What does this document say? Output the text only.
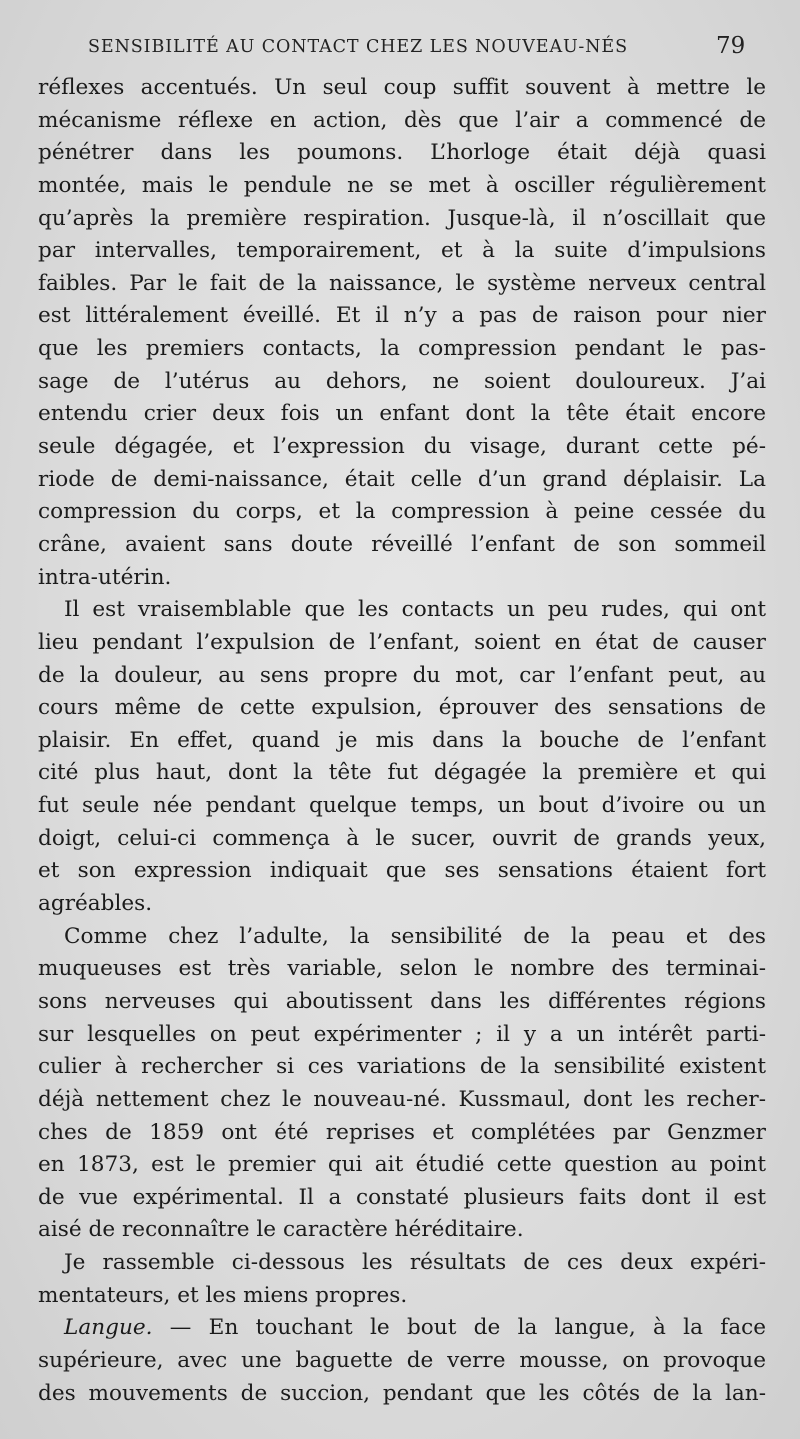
SENSIBILITÉ AU CONTACT CHEZ LES NOUVEAU-NÉS	79
réflexes accentués. Un seul coup suffit souvent à mettre le
mécanisme réflexe en action, dès que l’air a commencé de
pénétrer dans les poumons. L’horloge était déjà quasi
montée, mais le pendule ne se met à osciller régulièrement
qu’après la première respiration. Jusque-là, il n’oscillait que
par intervalles, temporairement, et à la suite d’impulsions
faibles. Par le fait de la naissance, le système nerveux central
est littéralement éveillé. Et il n’y a pas de raison pour nier
que les premiers contacts, la compression pendant le pas-
sage de l’utérus au dehors, ne soient douloureux. J’ai
entendu crier deux fois un enfant dont la tête était encore
seule dégagée, et l’expression du visage, durant cette pé-
riode de demi-naissance, était celle d’un grand déplaisir. La
compression du corps, et la compression à peine cessée du
crâne, avaient sans doute réveillé l’enfant de son sommeil
intra-utérin.
Il est vraisemblable que les contacts un peu rudes, qui ont
lieu pendant l’expulsion de l’enfant, soient en état de causer
de la douleur, au sens propre du mot, car l’enfant peut, au
cours même de cette expulsion, éprouver des sensations de
plaisir. En effet, quand je mis dans la bouche de l’enfant
cité plus haut, dont la tête fut dégagée la première et qui
fut seule née pendant quelque temps, un bout d’ivoire ou un
doigt, celui-ci commença à le sucer, ouvrit de grands yeux,
et son expression indiquait que ses sensations étaient fort
agréables.
Comme chez l’adulte, la sensibilité de la peau et des
muqueuses est très variable, selon le nombre des terminai-
sons nerveuses qui aboutissent dans les différentes régions
sur lesquelles on peut expérimenter ; il y a un intérêt parti-
culier à rechercher si ces variations de la sensibilité existent
déjà nettement chez le nouveau-né. Kussmaul, dont les recher-
ches de 1859 ont été reprises et complétées par Genzmer
en 1873, est le premier qui ait étudié cette question au point
de vue expérimental. Il a constaté plusieurs faits dont il est
aisé de reconnaître le caractère héréditaire.
Je rassemble ci-dessous les résultats de ces deux expéri-
mentateurs, et les miens propres.
Langue. — En touchant le bout de la langue, à la face
supérieure, avec une baguette de verre mousse, on provoque
des mouvements de succion, pendant que les côtés de la lan-
